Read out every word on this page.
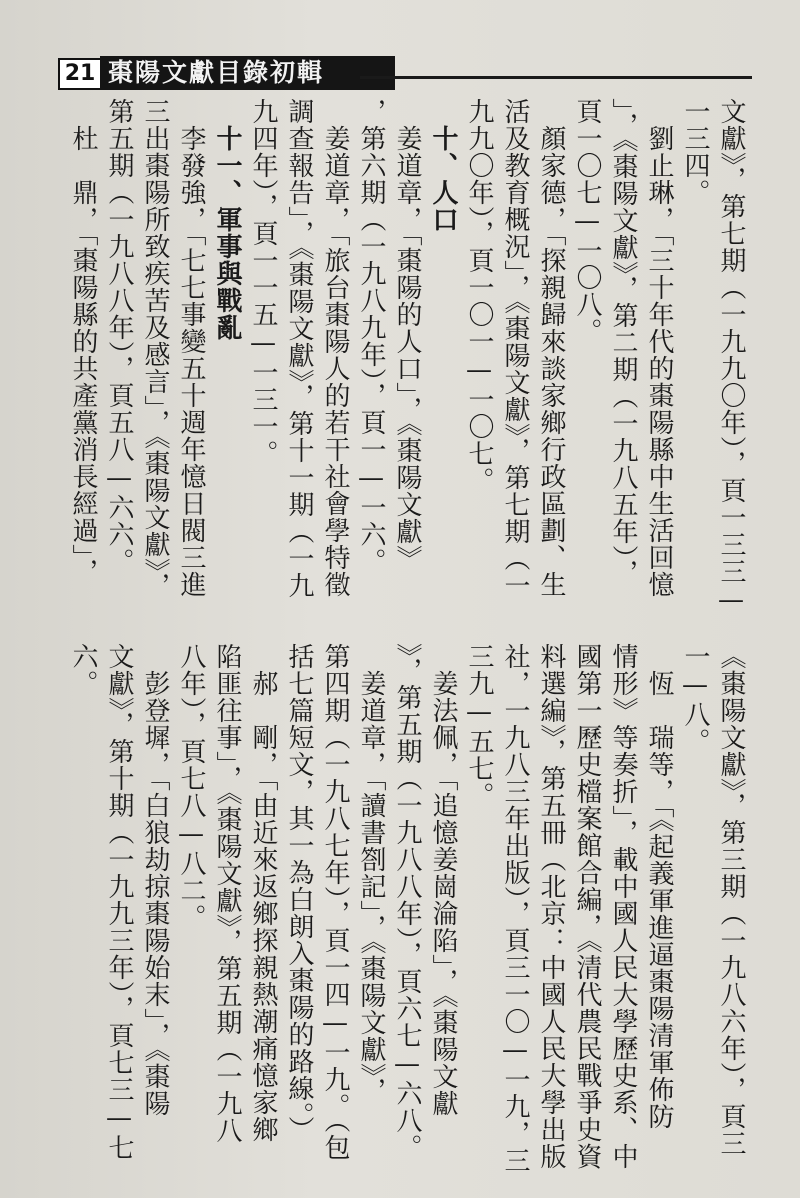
21 棗陽文獻目錄初輯
文獻》，第七期（一九九〇年），頁一三三—
一三四。
　劉止琳，「三十年代的棗陽縣中生活回憶
」，《棗陽文獻》，第二期（一九八五年），
頁一〇七—一〇八。
　顏家德，「探親歸來談家鄉行政區劃、生
活及教育概況」，《棗陽文獻》，第七期（一
九九〇年），頁一〇一—一〇七。
　十、人口
　姜道章，「棗陽的人口」，《棗陽文獻》
，第六期（一九八九年），頁一—一六。
　姜道章，「旅台棗陽人的若干社會學特徵
調查報告」，《棗陽文獻》，第十一期（一九
九四年），頁一一五—一三一。
　十一、軍事與戰亂
　李發強，「七七事變五十週年憶日閥三進
三出棗陽所致疾苦及感言」，《棗陽文獻》，
第五期（一九八八年），頁五八—六六。
　杜　鼎，「棗陽縣的共產黨消長經過」，
《棗陽文獻》，第三期（一九八六年），頁三
一—八。
　恆　瑞等，「《起義軍進逼棗陽清軍佈防
情形》等奏折」，載中國人民大學歷史系、中
國第一歷史檔案館合編，《清代農民戰爭史資
料選編》，第五冊（北京：中國人民大學出版
社，一九八三年出版），頁三一〇—一九，三
三九—五七。
　姜法佩，「追憶姜崗淪陷」，《棗陽文獻
》，第五期（一九八八年），頁六七—六八。
　姜道章，「讀書劄記」，《棗陽文獻》，
第四期（一九八七年），頁一四—一九。（包
括七篇短文，其一為白朗入棗陽的路線。）
　郝　剛，「由近來返鄉探親熱潮痛憶家鄉
陷匪往事」，《棗陽文獻》，第五期（一九八
八年），頁七八—八二。
　彭登墀，「白狼劫掠棗陽始末」，《棗陽
文獻》，第十期（一九九三年），頁七三—七
六。
